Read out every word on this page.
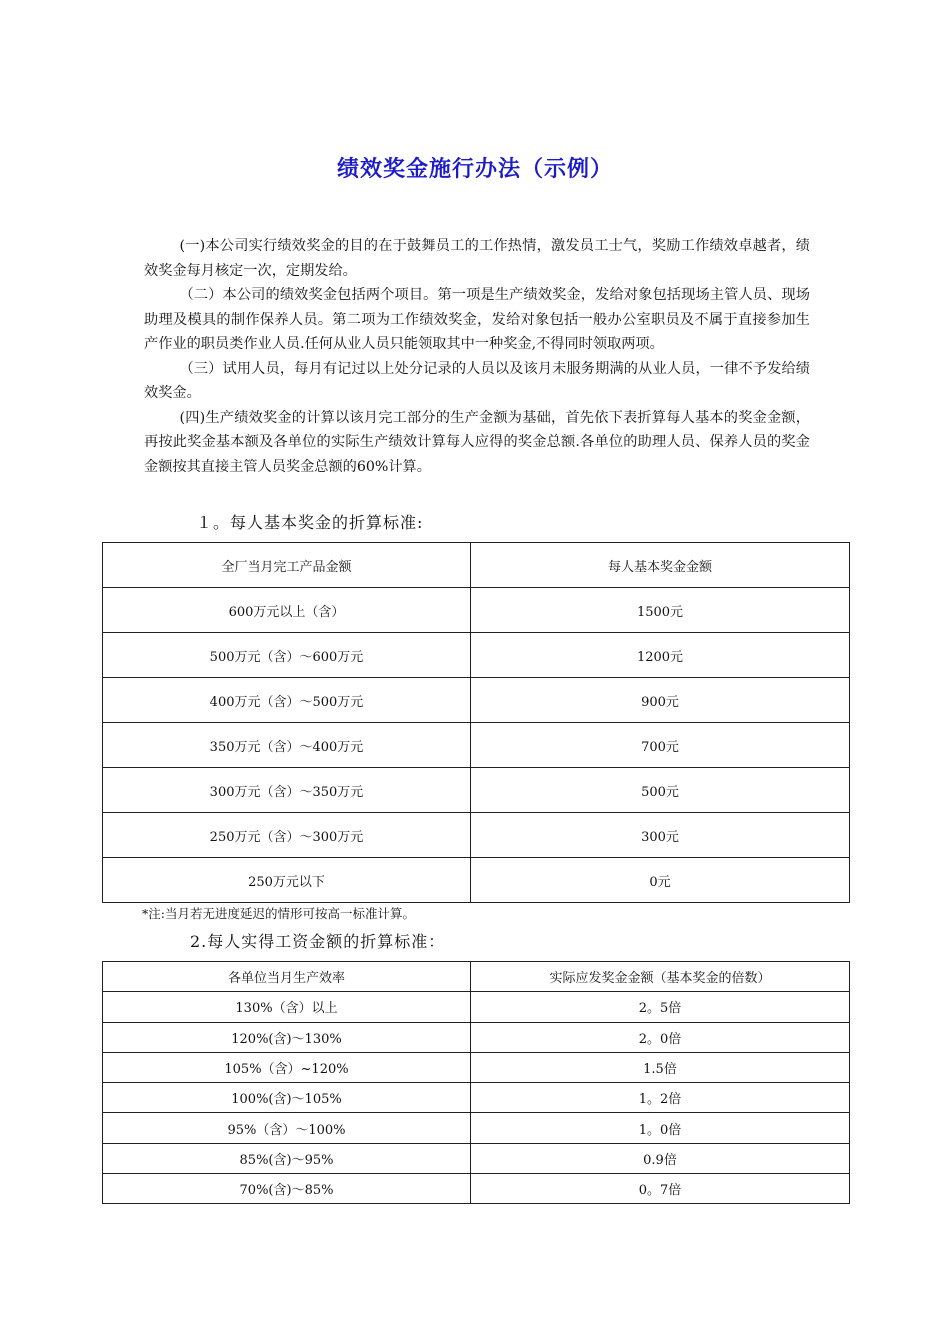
绩效奖金施行办法（示例）

(一)本公司实行绩效奖金的目的在于鼓舞员工的工作热情，激发员工士气，奖励工作绩效卓越者，绩效奖金每月核定一次，定期发给。

（二）本公司的绩效奖金包括两个项目。第一项是生产绩效奖金，发给对象包括现场主管人员、现场助理及模具的制作保养人员。第二项为工作绩效奖金，发给对象包括一般办公室职员及不属于直接参加生产作业的职员类作业人员.任何从业人员只能领取其中一种奖金,不得同时领取两项。

（三）试用人员，每月有记过以上处分记录的人员以及该月未服务期满的从业人员，一律不予发给绩效奖金。

(四)生产绩效奖金的计算以该月完工部分的生产金额为基础，首先依下表折算每人基本的奖金金额，再按此奖金基本额及各单位的实际生产绩效计算每人应得的奖金总额.各单位的助理人员、保养人员的奖金金额按其直接主管人员奖金总额的60%计算。

１。每人基本奖金的折算标准:
全厂当月完工产品金额	每人基本奖金金额
600万元以上（含）	1500元
500万元（含）～600万元	1200元
400万元（含）～500万元	900元
350万元（含）～400万元	700元
300万元（含）～350万元	500元
250万元（含）～300万元	300元
250万元以下	0元
*注:当月若无进度延迟的情形可按高一标准计算。
2.每人实得工资金额的折算标准：
各单位当月生产效率	实际应发奖金金额（基本奖金的倍数）
130%（含）以上	2。5倍
120%(含)～130%	2。0倍
105%（含）~120%	1.5倍
100%(含)～105%	1。2倍
95%（含）～100%	1。0倍
85%(含)～95%	0.9倍
70%(含)～85%	0。7倍
